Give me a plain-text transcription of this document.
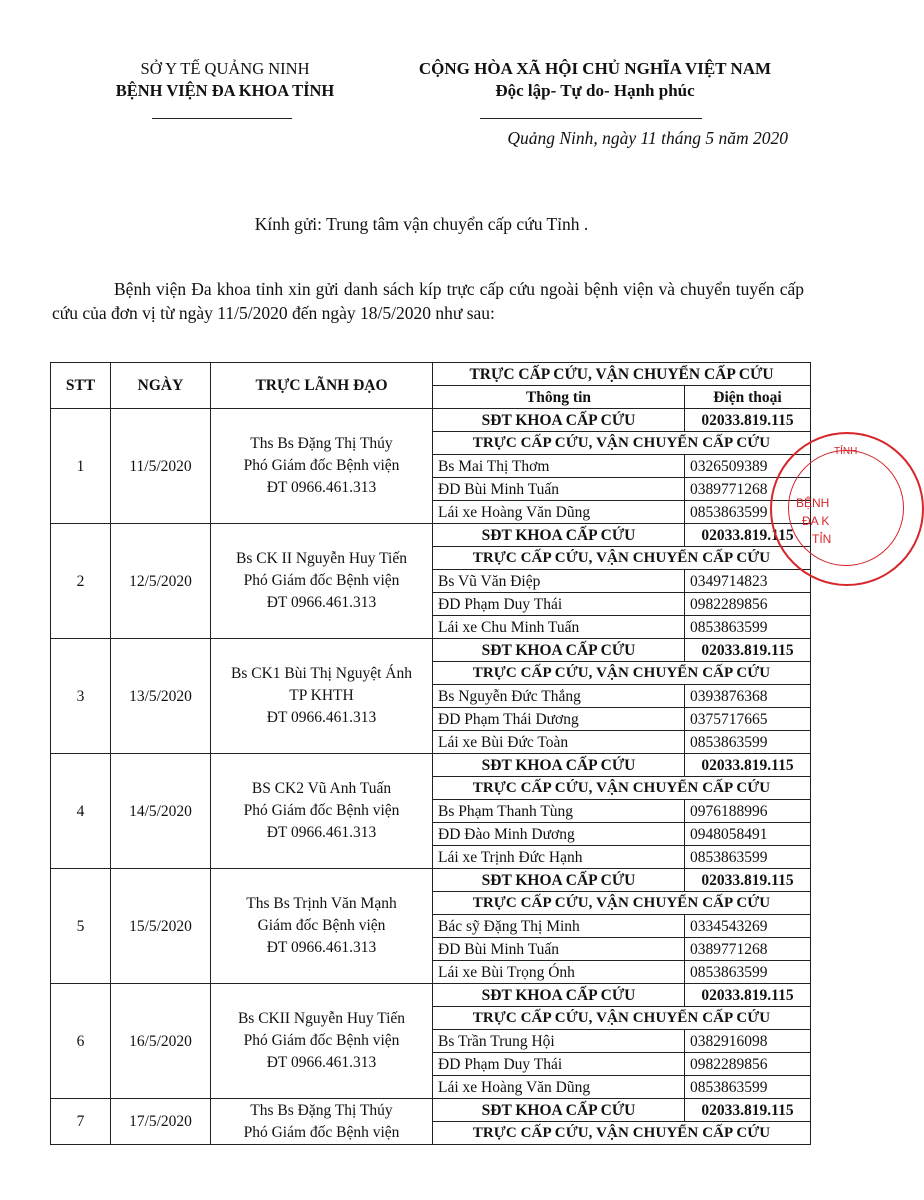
SỞ Y TẾ QUẢNG NINH
BỆNH VIỆN ĐA KHOA TỈNH
CỘNG HÒA XÃ HỘI CHỦ NGHĨA VIỆT NAM
Độc lập- Tự do- Hạnh phúc
Quảng Ninh, ngày 11 tháng 5 năm 2020
Kính gửi: Trung tâm vận chuyển cấp cứu Tỉnh .
Bệnh viện Đa khoa tỉnh xin gửi danh sách kíp trực cấp cứu ngoài bệnh viện và chuyển tuyến cấp cứu của đơn vị từ ngày 11/5/2020 đến ngày 18/5/2020 như sau:
STT	NGÀY	TRỰC LÃNH ĐẠO	TRỰC CẤP CỨU, VẬN CHUYỂN CẤP CỨU	
			Thông tin	Điện thoại
1	11/5/2020	Ths Bs Đặng Thị Thúy
Phó Giám đốc Bệnh viện
ĐT 0966.461.313	SĐT KHOA CẤP CỨU	02033.819.115
			TRỰC CẤP CỨU, VẬN CHUYỂN CẤP CỨU	
			Bs Mai Thị Thơm	0326509389
			ĐD Bùi Minh Tuấn	0389771268
			Lái xe Hoàng Văn Dũng	0853863599
2	12/5/2020	Bs CK II Nguyễn Huy Tiến
Phó Giám đốc Bệnh viện
ĐT 0966.461.313	SĐT KHOA CẤP CỨU	02033.819.115
			TRỰC CẤP CỨU, VẬN CHUYỂN CẤP CỨU	
			Bs Vũ Văn Điệp	0349714823
			ĐD Phạm Duy Thái	0982289856
			Lái xe Chu Minh Tuấn	0853863599
3	13/5/2020	Bs CK1 Bùi Thị Nguyệt Ánh
TP KHTH
ĐT 0966.461.313	SĐT KHOA CẤP CỨU	02033.819.115
			TRỰC CẤP CỨU, VẬN CHUYỂN CẤP CỨU	
			Bs Nguyễn Đức Thắng	0393876368
			ĐD Phạm Thái Dương	0375717665
			Lái xe Bùi Đức Toàn	0853863599
4	14/5/2020	BS CK2 Vũ Anh Tuấn
Phó Giám đốc Bệnh viện
ĐT 0966.461.313	SĐT KHOA CẤP CỨU	02033.819.115
			TRỰC CẤP CỨU, VẬN CHUYỂN CẤP CỨU	
			Bs Phạm Thanh Tùng	0976188996
			ĐD Đào Minh Dương	0948058491
			Lái xe Trịnh Đức Hạnh	0853863599
5	15/5/2020	Ths Bs Trịnh Văn Mạnh
Giám đốc Bệnh viện
ĐT 0966.461.313	SĐT KHOA CẤP CỨU	02033.819.115
			TRỰC CẤP CỨU, VẬN CHUYỂN CẤP CỨU	
			Bác sỹ Đặng Thị Minh	0334543269
			ĐD Bùi Minh Tuấn	0389771268
			Lái xe Bùi Trọng Ónh	0853863599
6	16/5/2020	Bs CKII Nguyễn Huy Tiến
Phó Giám đốc Bệnh viện
ĐT 0966.461.313	SĐT KHOA CẤP CỨU	02033.819.115
			TRỰC CẤP CỨU, VẬN CHUYỂN CẤP CỨU	
			Bs Trần Trung Hội	0382916098
			ĐD Phạm Duy Thái	0982289856
			Lái xe Hoàng Văn Dũng	0853863599
7	17/5/2020	Ths Bs Đặng Thị Thúy
Phó Giám đốc Bệnh viện	SĐT KHOA CẤP CỨU	02033.819.115
			TRỰC CẤP CỨU, VẬN CHUYỂN CẤP CỨU	
TỈNH
BỆNH
ĐA K
TỈN
